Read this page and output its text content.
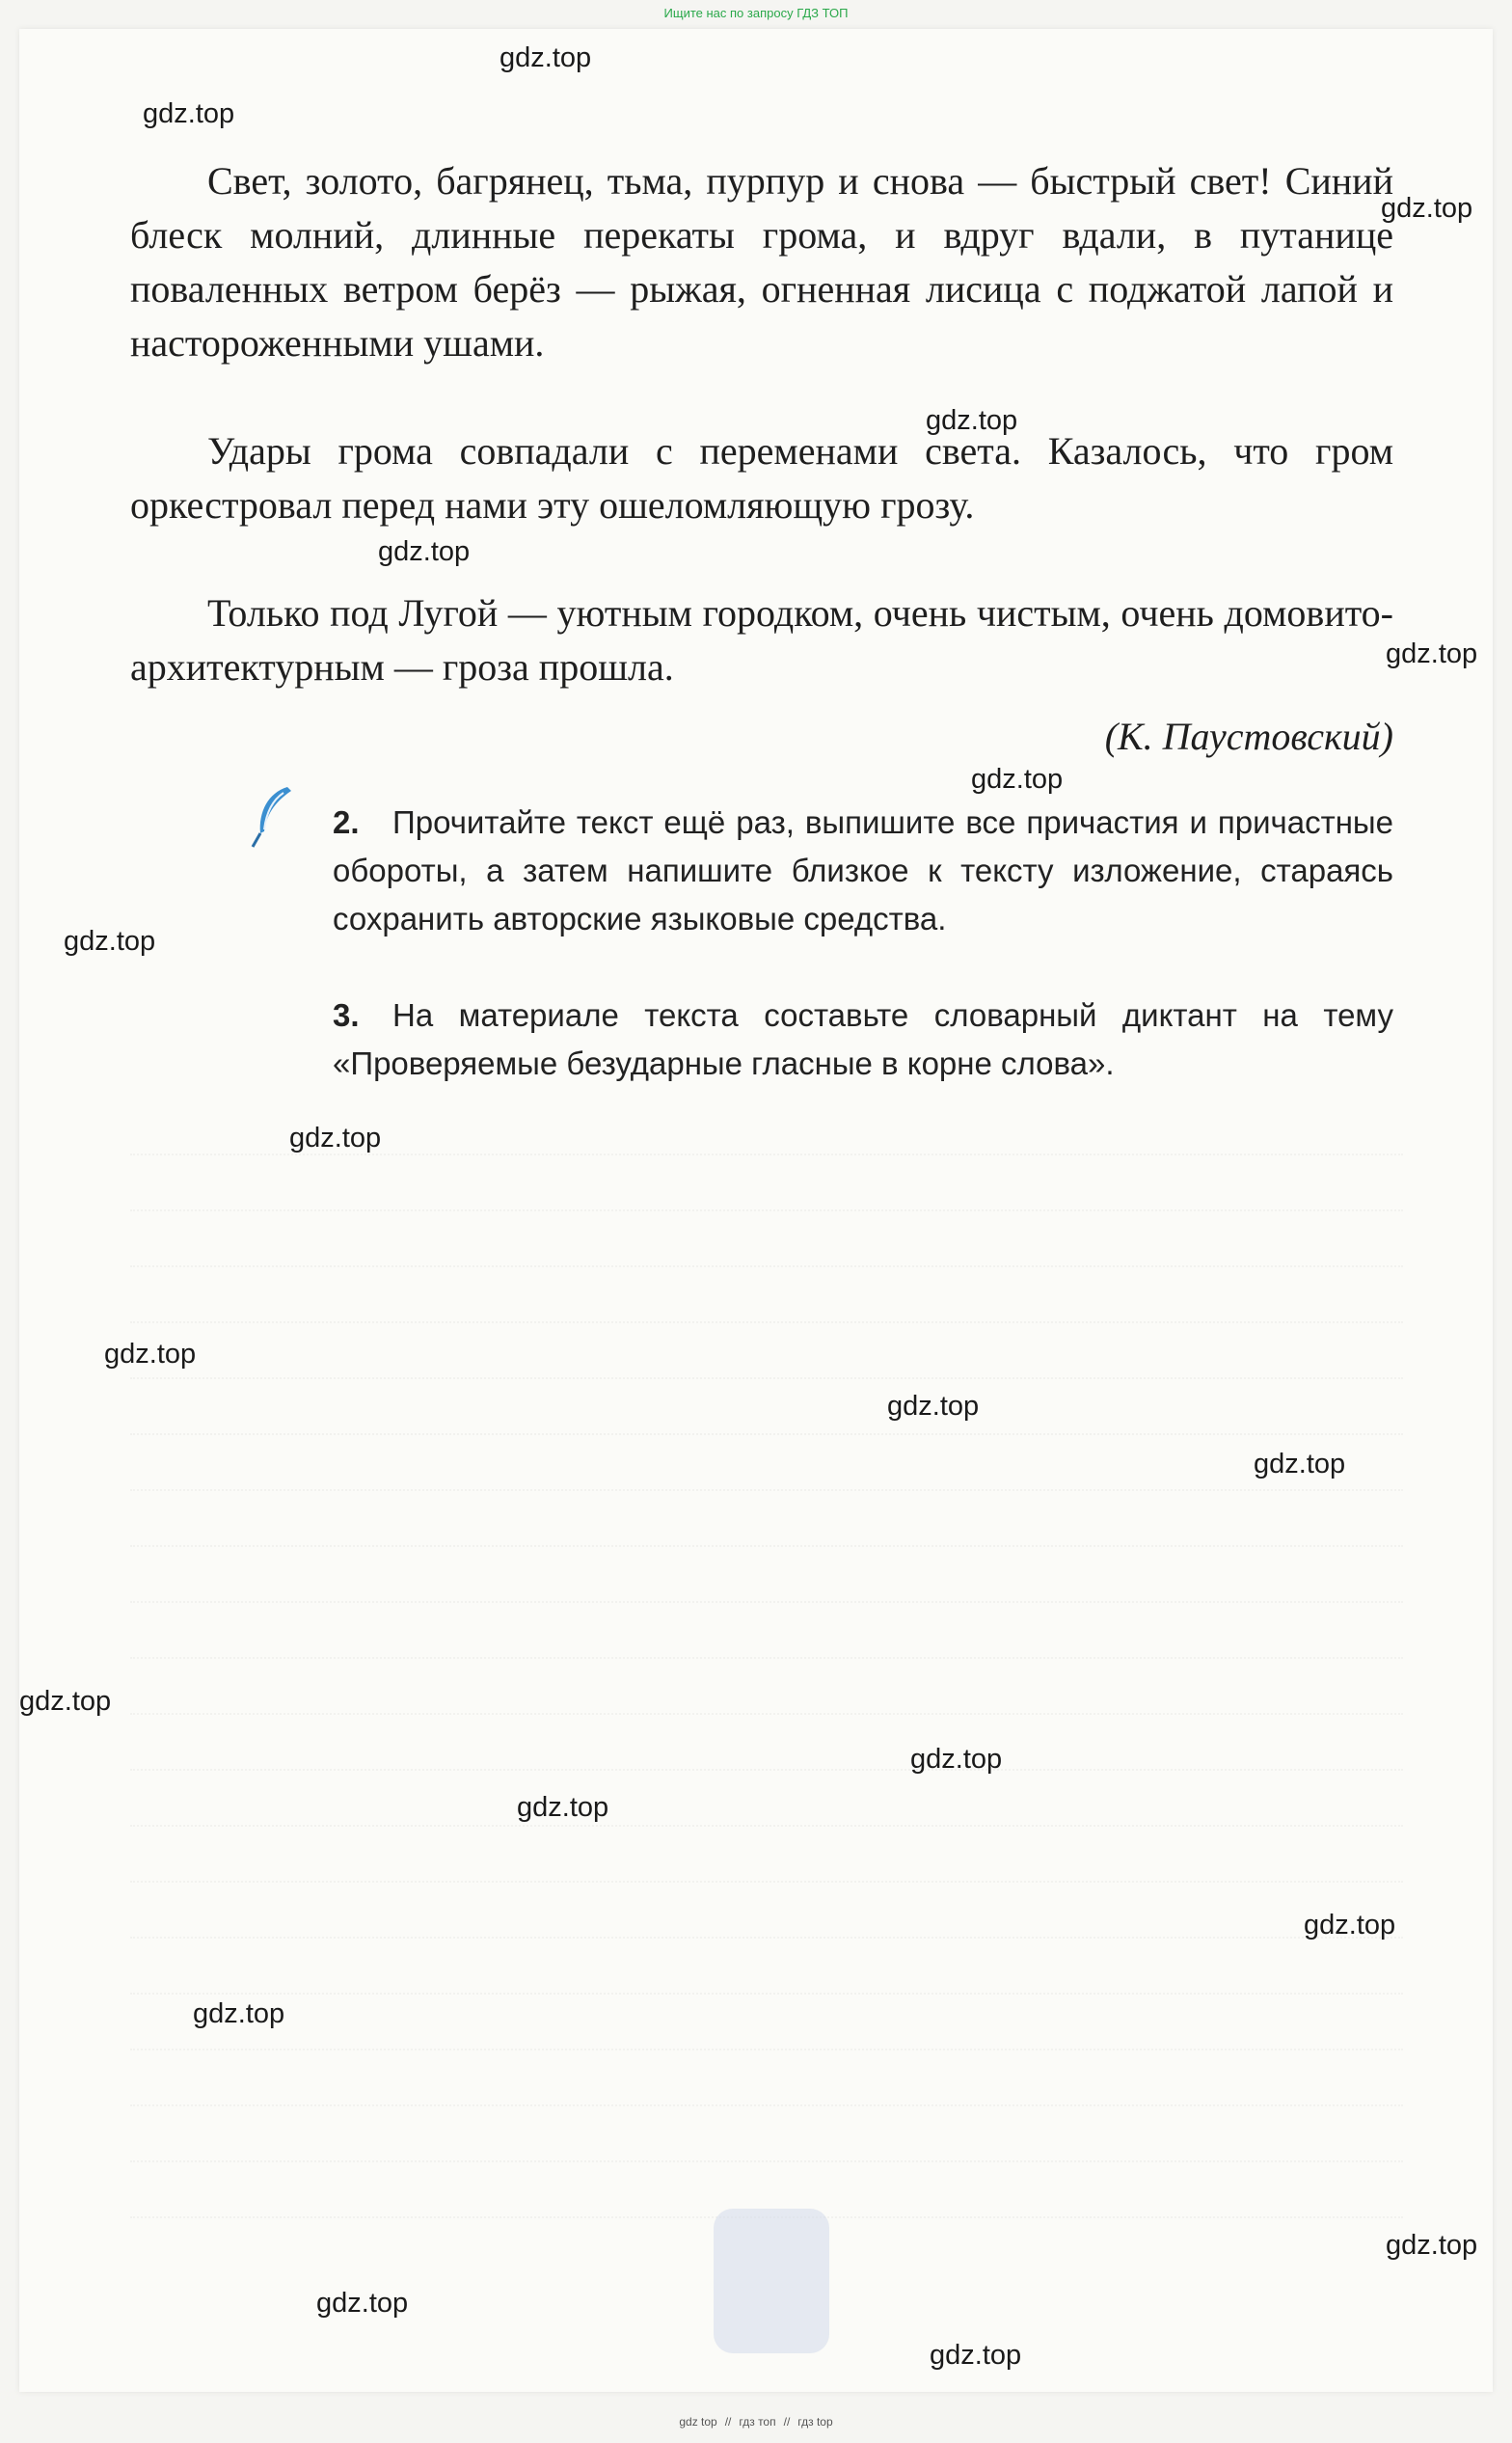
Ищите нас по запросу ГДЗ ТОП

Свет, золото, багрянец, тьма, пурпур и снова — быстрый свет! Синий блеск молний, длинные перекаты грома, и вдруг вдали, в путанице поваленных ветром берёз — рыжая, огненная лисица с поджатой лапой и настороженными ушами.

Удары грома совпадали с переменами света. Казалось, что гром оркестровал перед нами эту ошеломляющую грозу.

Только под Лугой — уютным городком, очень чистым, очень домовито-архитектурным — гроза прошла.

(К. Паустовский)
2.	Прочитайте текст ещё раз, выпишите все причастия и причастные обороты, а затем напишите близкое к тексту изложение, стараясь сохранить авторские языковые средства.
3.	На материале текста составьте словарный диктант на тему «Проверяемые безударные гласные в корне слова».
gdz.top
gdz.top
gdz.top
gdz.top
gdz.top
gdz.top
gdz.top
gdz.top
gdz.top
gdz.top
gdz.top
gdz.top
gdz.top
gdz.top
gdz.top
gdz.top
gdz.top
gdz.top
gdz.top
gdz.top
gdz top // гдз топ // гдз top
